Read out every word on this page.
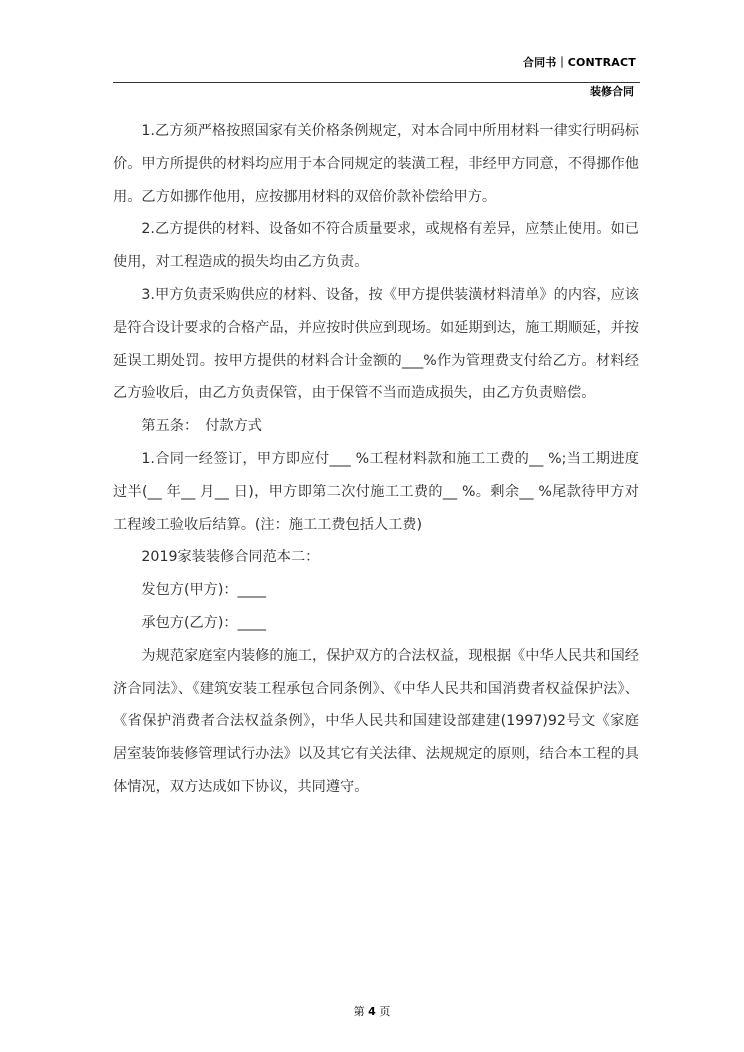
合同书｜CONTRACT
装修合同

1.乙方须严格按照国家有关价格条例规定，对本合同中所用材料一律实行明码标价。甲方所提供的材料均应用于本合同规定的装潢工程，非经甲方同意，不得挪作他用。乙方如挪作他用，应按挪用材料的双倍价款补偿给甲方。

2.乙方提供的材料、设备如不符合质量要求，或规格有差异，应禁止使用。如已使用，对工程造成的损失均由乙方负责。

3.甲方负责采购供应的材料、设备，按《甲方提供装潢材料清单》的内容，应该是符合设计要求的合格产品，并应按时供应到现场。如延期到达，施工期顺延，并按延误工期处罚。按甲方提供的材料合计金额的___%作为管理费支付给乙方。材料经乙方验收后，由乙方负责保管，由于保管不当而造成损失，由乙方负责赔偿。

第五条：　付款方式

1.合同一经签订，甲方即应付___ %工程材料款和施工工费的__ %;当工期进度过半(__ 年__ 月__ 日)，甲方即第二次付施工工费的__ %。剩余__ %尾款待甲方对工程竣工验收后结算。(注：施工工费包括人工费)

2019家装装修合同范本二：

发包方(甲方)：____

承包方(乙方)：____

为规范家庭室内装修的施工，保护双方的合法权益，现根据《中华人民共和国经济合同法》、《建筑安装工程承包合同条例》、《中华人民共和国消费者权益保护法》、《省保护消费者合法权益条例》，中华人民共和国建设部建建(1997)92号文《家庭居室装饰装修管理试行办法》以及其它有关法律、法规规定的原则，结合本工程的具体情况，双方达成如下协议，共同遵守。

第 4 页
